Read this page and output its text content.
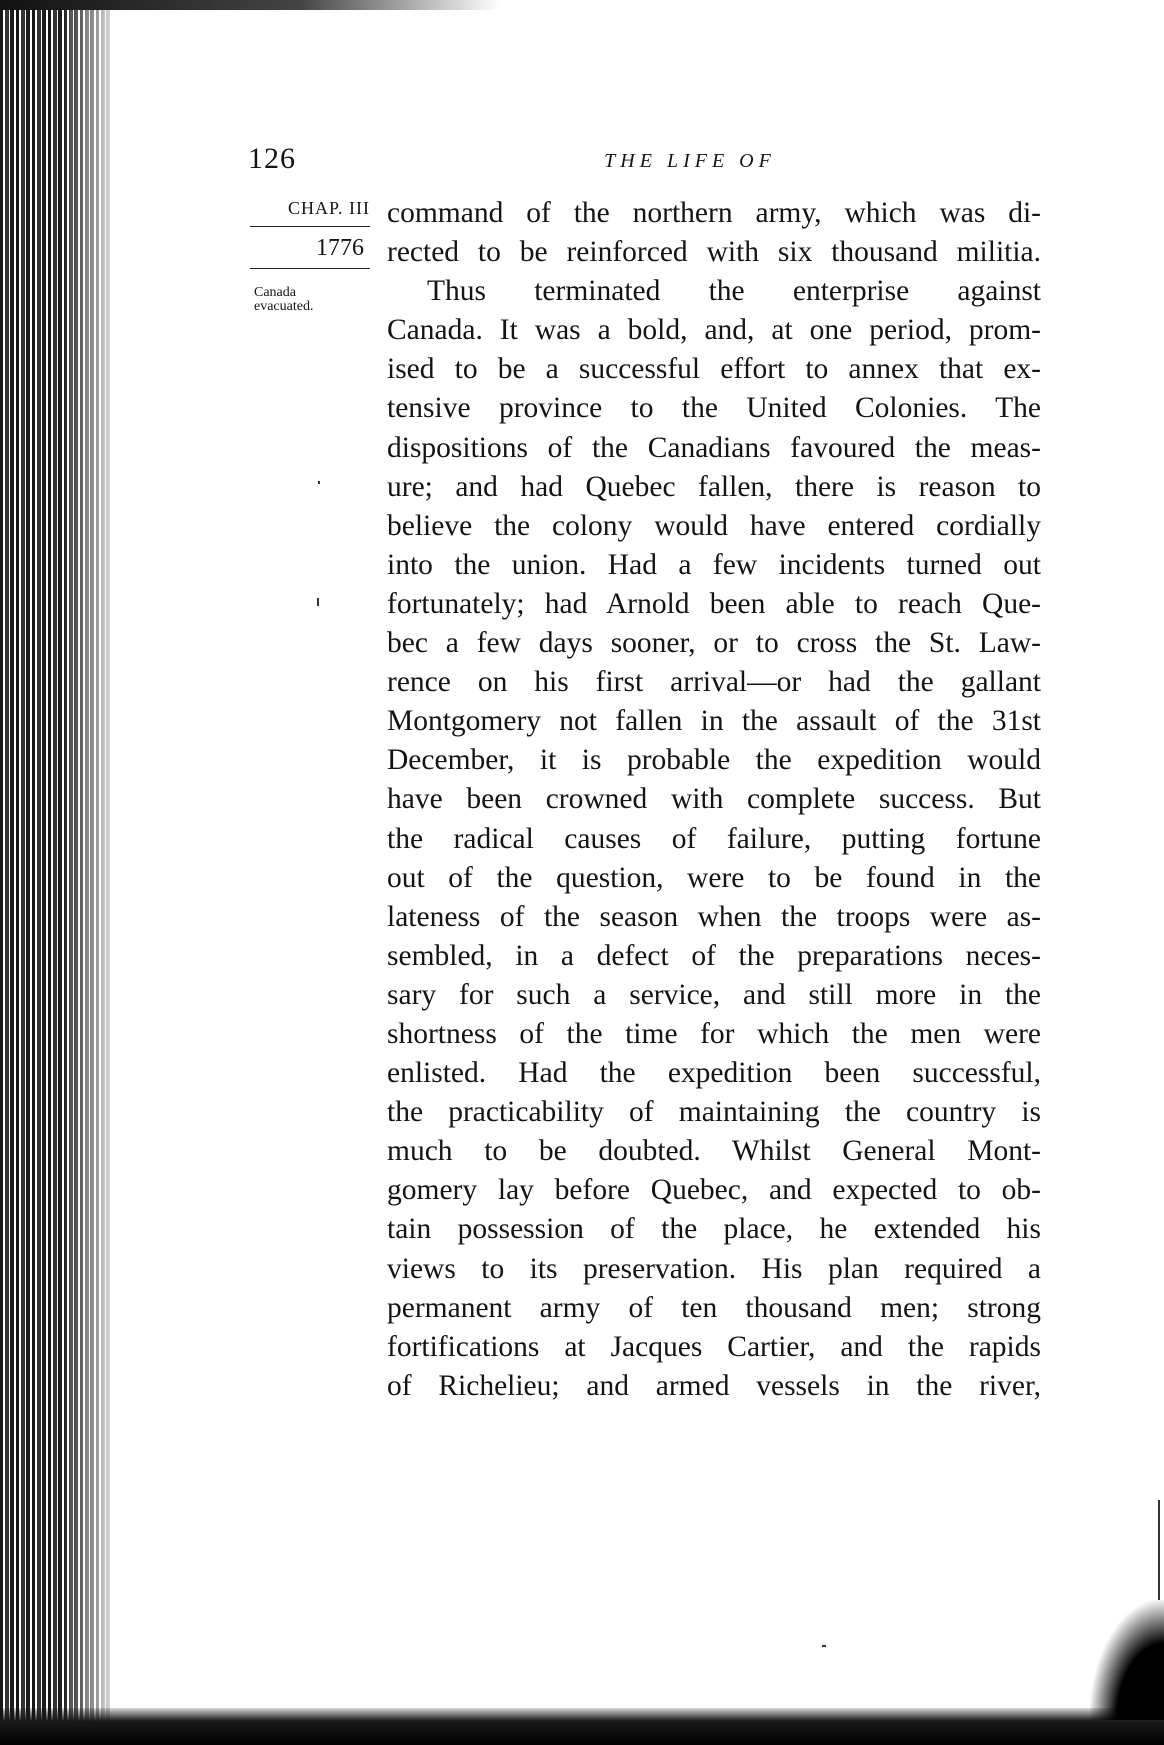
126	THE LIFE OF
CHAP. III
1776
Canada
evacuated.
command of the northern army, which was di-
rected to be reinforced with six thousand militia.
Thus terminated the enterprise against
Canada. It was a bold, and, at one period, prom-
ised to be a successful effort to annex that ex-
tensive province to the United Colonies. The
dispositions of the Canadians favoured the meas-
ure; and had Quebec fallen, there is reason to
believe the colony would have entered cordially
into the union. Had a few incidents turned out
fortunately; had Arnold been able to reach Que-
bec a few days sooner, or to cross the St. Law-
rence on his first arrival—or had the gallant
Montgomery not fallen in the assault of the 31st
December, it is probable the expedition would
have been crowned with complete success. But
the radical causes of failure, putting fortune
out of the question, were to be found in the
lateness of the season when the troops were as-
sembled, in a defect of the preparations neces-
sary for such a service, and still more in the
shortness of the time for which the men were
enlisted. Had the expedition been successful,
the practicability of maintaining the country is
much to be doubted. Whilst General Mont-
gomery lay before Quebec, and expected to ob-
tain possession of the place, he extended his
views to its preservation. His plan required a
permanent army of ten thousand men; strong
fortifications at Jacques Cartier, and the rapids
of Richelieu; and armed vessels in the river,
